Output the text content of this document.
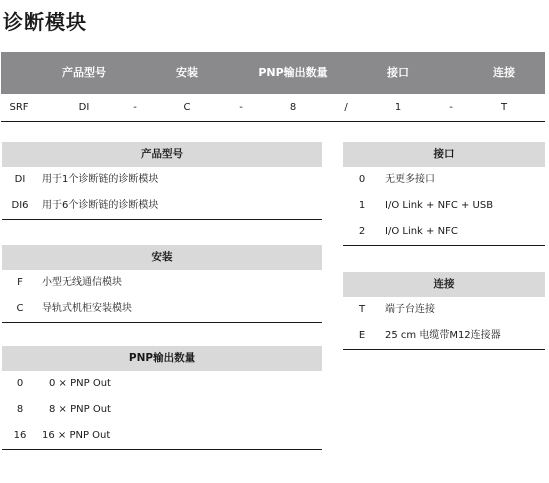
诊断模块
产品型号	安装	PNP输出数量	接口	连接
SRF	DI	-	C	-	8	/	1	-	T
产品型号
DI 用于1个诊断链的诊断模块
DI6 用于6个诊断链的诊断模块
安装
F 小型无线通信模块
C 导轨式机柜安装模块
PNP输出数量
0	0 × PNP Out
8	8 × PNP Out
16 16 × PNP Out
接口
0 无更多接口
1 I/O Link + NFC + USB
2 I/O Link + NFC
连接
T 端子台连接
E 25 cm 电缆带M12连接器
